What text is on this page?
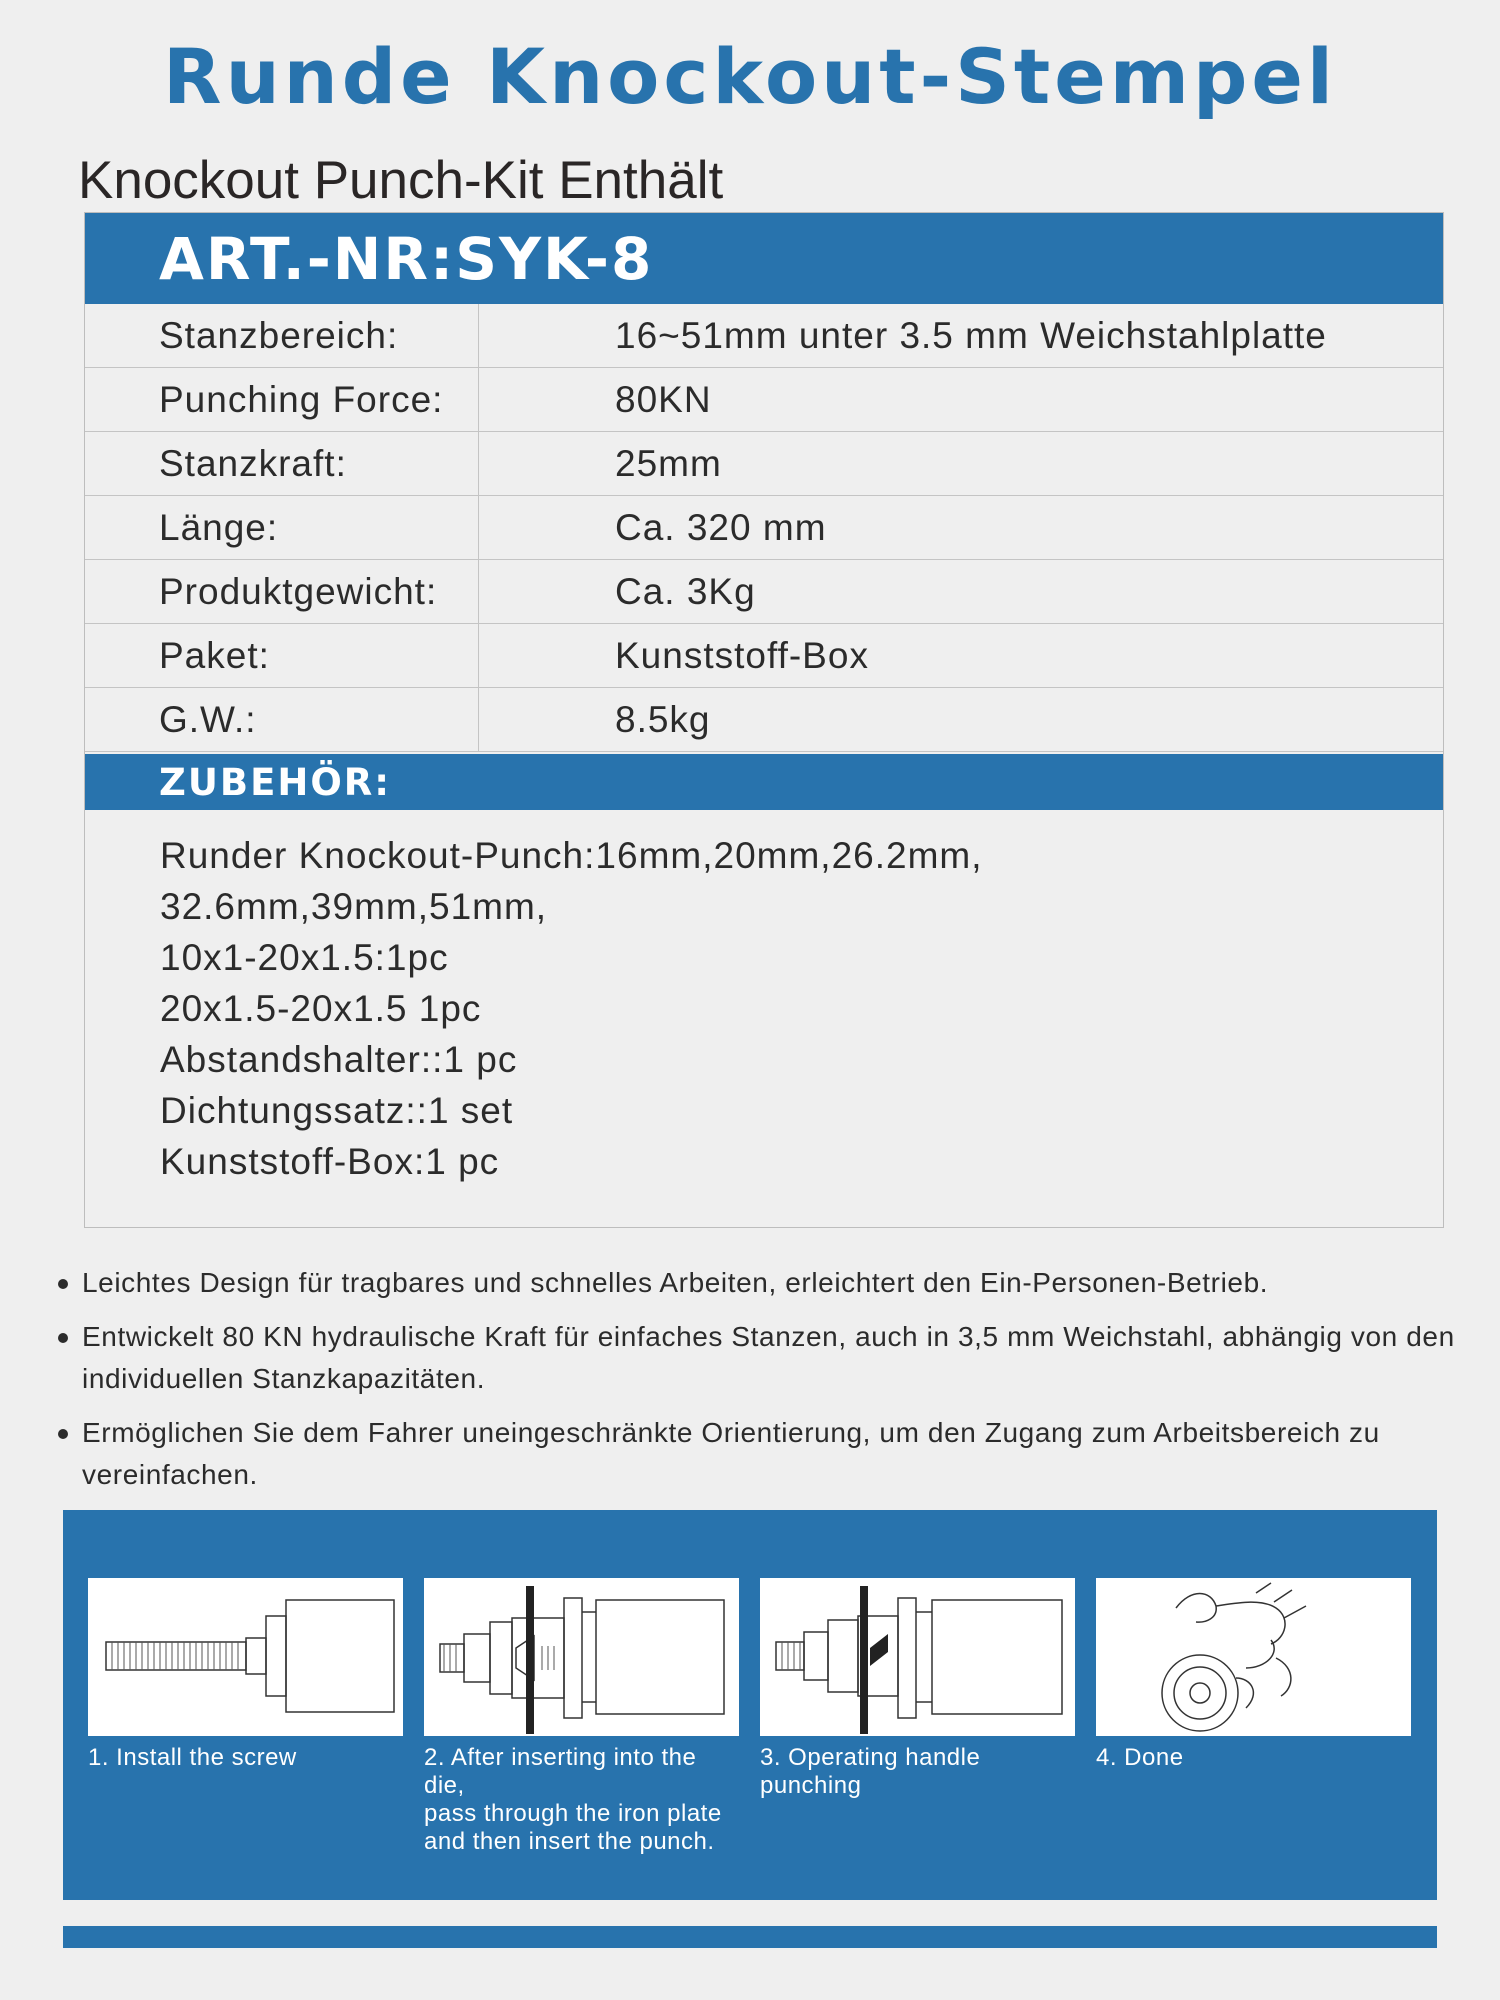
Runde Knockout-Stempel
Knockout Punch-Kit Enthält
ART.-NR:SYK-8
Stanzbereich:	16~51mm unter 3.5 mm Weichstahlplatte
Punching Force:	80KN
Stanzkraft:	25mm
Länge:	Ca. 320 mm
Produktgewicht:	Ca. 3Kg
Paket:	Kunststoff-Box
G.W.:	8.5kg
ZUBEHÖR:
Runder Knockout-Punch:16mm,20mm,26.2mm,
32.6mm,39mm,51mm,
10x1-20x1.5:1pc
20x1.5-20x1.5 1pc
Abstandshalter::1 pc
Dichtungssatz::1 set
Kunststoff-Box:1 pc
Leichtes Design für tragbares und schnelles Arbeiten, erleichtert den Ein-Personen-Betrieb.
Entwickelt 80 KN hydraulische Kraft für einfaches Stanzen, auch in 3,5 mm Weichstahl, abhängig von den individuellen Stanzkapazitäten.
Ermöglichen Sie dem Fahrer uneingeschränkte Orientierung, um den Zugang zum Arbeitsbereich zu vereinfachen.
1. Install the screw	2. After inserting into the die,
pass through the iron plate
and then insert the punch.
3. Operating handle
punching
4. Done
